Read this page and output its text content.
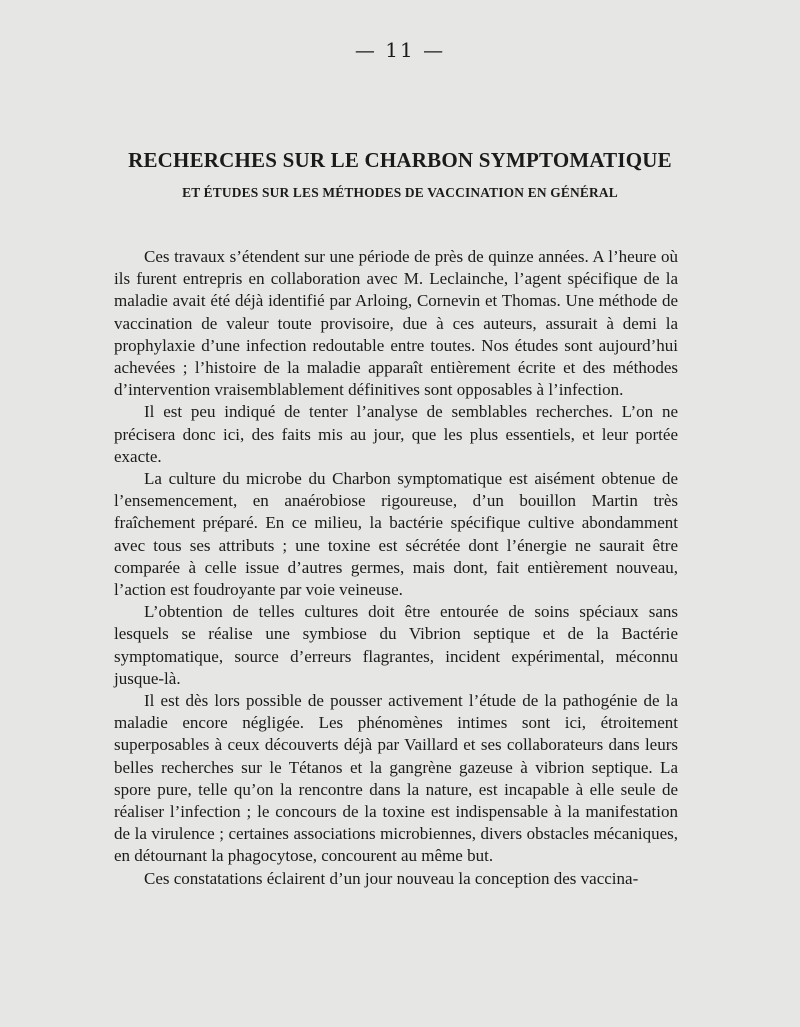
— 11 —
RECHERCHES SUR LE CHARBON SYMPTOMATIQUE
ET ÉTUDES SUR LES MÉTHODES DE VACCINATION EN GÉNÉRAL

Ces travaux s’étendent sur une période de près de quinze années. A l’heure où ils furent entrepris en collaboration avec M. Leclainche, l’agent spécifique de la maladie avait été déjà identifié par Arloing, Cornevin et Thomas. Une méthode de vaccination de valeur toute provisoire, due à ces auteurs, assurait à demi la prophylaxie d’une infection redoutable entre toutes. Nos études sont aujourd’hui achevées ; l’histoire de la maladie apparaît entièrement écrite et des méthodes d’intervention vraisemblablement définitives sont opposables à l’infection.

Il est peu indiqué de tenter l’analyse de semblables recherches. L’on ne précisera donc ici, des faits mis au jour, que les plus essentiels, et leur portée exacte.

La culture du microbe du Charbon symptomatique est aisément obtenue de l’ensemencement, en anaérobiose rigoureuse, d’un bouillon Martin très fraîchement préparé. En ce milieu, la bactérie spécifique cultive abondamment avec tous ses attributs ; une toxine est sécrétée dont l’énergie ne saurait être comparée à celle issue d’autres germes, mais dont, fait entièrement nouveau, l’action est foudroyante par voie veineuse.

L’obtention de telles cultures doit être entourée de soins spéciaux sans lesquels se réalise une symbiose du Vibrion septique et de la Bactérie symptomatique, source d’erreurs flagrantes, incident expérimental, méconnu jusque-là.

Il est dès lors possible de pousser activement l’étude de la pathogénie de la maladie encore négligée. Les phénomènes intimes sont ici, étroitement superposables à ceux découverts déjà par Vaillard et ses collaborateurs dans leurs belles recherches sur le Tétanos et la gangrène gazeuse à vibrion septique. La spore pure, telle qu’on la rencontre dans la nature, est incapable à elle seule de réaliser l’infection ; le concours de la toxine est indispensable à la manifestation de la virulence ; certaines associations microbiennes, divers obstacles mécaniques, en détournant la phagocytose, concourent au même but.

Ces constatations éclairent d’un jour nouveau la conception des vaccina-
